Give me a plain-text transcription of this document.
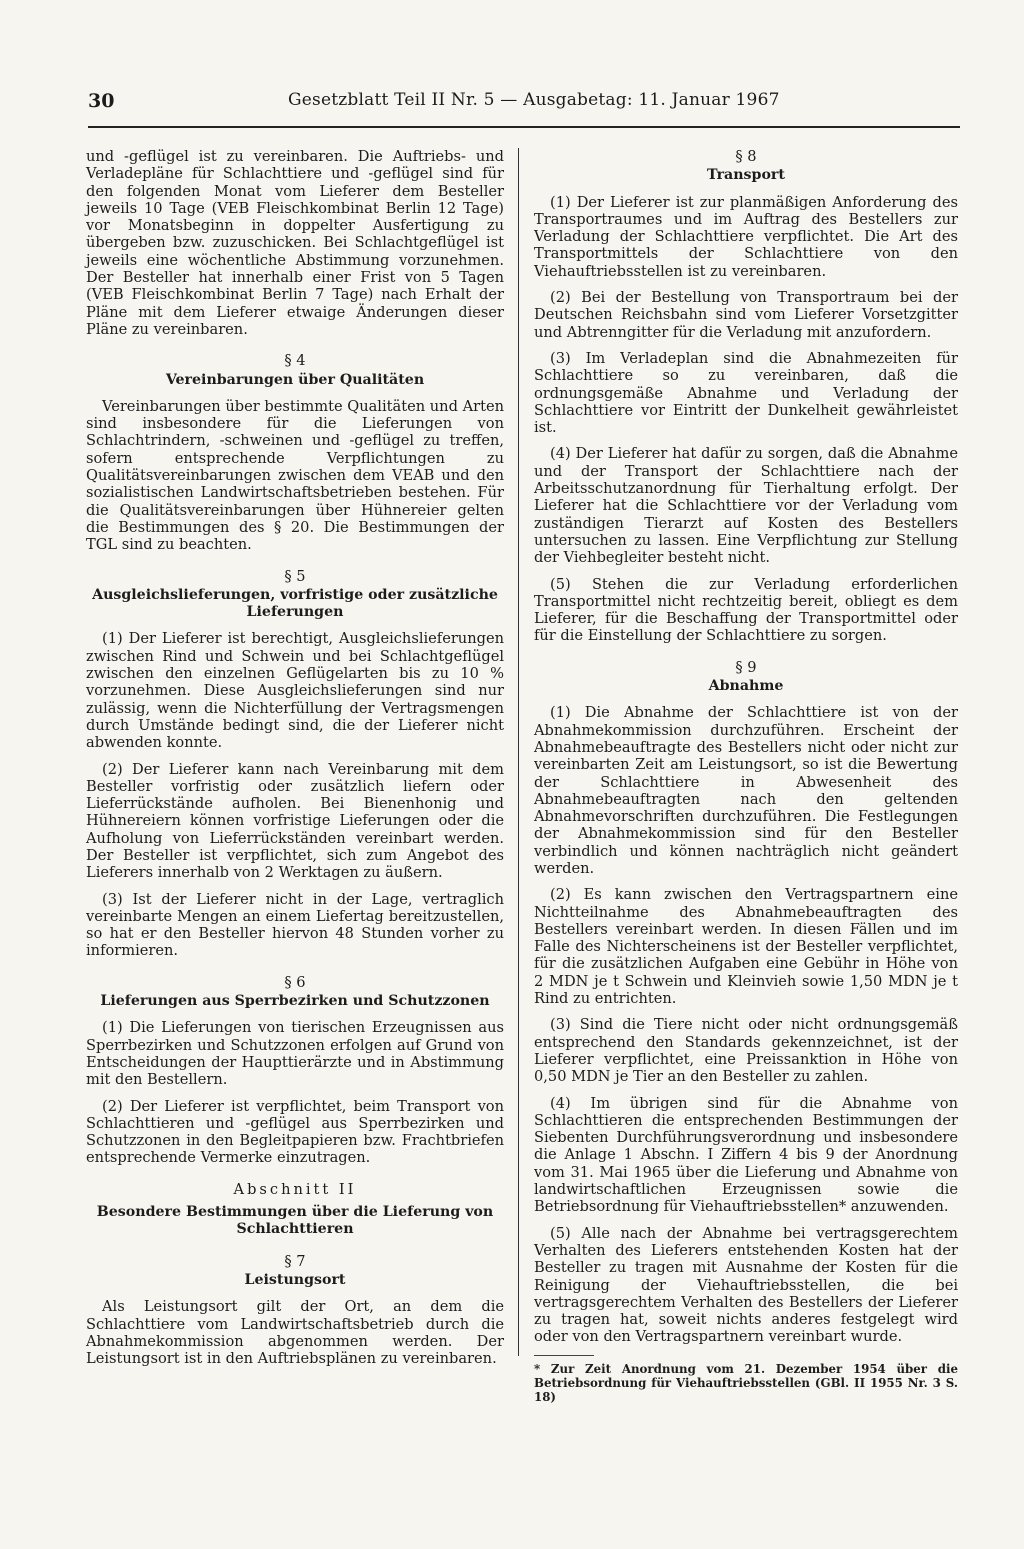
30	Gesetzblatt Teil II Nr. 5 — Ausgabetag: 11. Januar 1967

und -geflügel ist zu vereinbaren. Die Auftriebs- und Verladepläne für Schlachttiere und -geflügel sind für den folgenden Monat vom Lieferer dem Besteller jeweils 10 Tage (VEB Fleischkombinat Berlin 12 Tage) vor Monatsbeginn in doppelter Ausfertigung zu übergeben bzw. zuzuschicken. Bei Schlachtgeflügel ist jeweils eine wöchentliche Abstimmung vorzunehmen. Der Besteller hat innerhalb einer Frist von 5 Tagen (VEB Fleischkombinat Berlin 7 Tage) nach Erhalt der Pläne mit dem Lieferer etwaige Änderungen dieser Pläne zu vereinbaren.

§ 4
Vereinbarungen über Qualitäten

Vereinbarungen über bestimmte Qualitäten und Arten sind insbesondere für die Lieferungen von Schlachtrindern, -schweinen und -geflügel zu treffen, sofern entsprechende Verpflichtungen zu Qualitätsvereinbarungen zwischen dem VEAB und den sozialistischen Landwirtschaftsbetrieben bestehen. Für die Qualitätsvereinbarungen über Hühnereier gelten die Bestimmungen des § 20. Die Bestimmungen der TGL sind zu beachten.

§ 5
Ausgleichslieferungen, vorfristige oder zusätzliche Lieferungen

(1) Der Lieferer ist berechtigt, Ausgleichslieferungen zwischen Rind und Schwein und bei Schlachtgeflügel zwischen den einzelnen Geflügelarten bis zu 10 % vorzunehmen. Diese Ausgleichslieferungen sind nur zulässig, wenn die Nichterfüllung der Vertragsmengen durch Umstände bedingt sind, die der Lieferer nicht abwenden konnte.

(2) Der Lieferer kann nach Vereinbarung mit dem Besteller vorfristig oder zusätzlich liefern oder Lieferrückstände aufholen. Bei Bienenhonig und Hühnereiern können vorfristige Lieferungen oder die Aufholung von Lieferrückständen vereinbart werden. Der Besteller ist verpflichtet, sich zum Angebot des Lieferers innerhalb von 2 Werktagen zu äußern.

(3) Ist der Lieferer nicht in der Lage, vertraglich vereinbarte Mengen an einem Liefertag bereitzustellen, so hat er den Besteller hiervon 48 Stunden vorher zu informieren.

§ 6
Lieferungen aus Sperrbezirken und Schutzzonen

(1) Die Lieferungen von tierischen Erzeugnissen aus Sperrbezirken und Schutzzonen erfolgen auf Grund von Entscheidungen der Haupttierärzte und in Abstimmung mit den Bestellern.

(2) Der Lieferer ist verpflichtet, beim Transport von Schlachttieren und -geflügel aus Sperrbezirken und Schutzzonen in den Begleitpapieren bzw. Frachtbriefen entsprechende Vermerke einzutragen.

Abschnitt II
Besondere Bestimmungen über die Lieferung von Schlachttieren
§ 7
Leistungsort

Als Leistungsort gilt der Ort, an dem die Schlachttiere vom Landwirtschaftsbetrieb durch die Abnahmekommission abgenommen werden. Der Leistungsort ist in den Auftriebsplänen zu vereinbaren.

§ 8
Transport

(1) Der Lieferer ist zur planmäßigen Anforderung des Transportraumes und im Auftrag des Bestellers zur Verladung der Schlachttiere verpflichtet. Die Art des Transportmittels der Schlachttiere von den Viehauftriebsstellen ist zu vereinbaren.

(2) Bei der Bestellung von Transportraum bei der Deutschen Reichsbahn sind vom Lieferer Vorsetzgitter und Abtrenngitter für die Verladung mit anzufordern.

(3) Im Verladeplan sind die Abnahmezeiten für Schlachttiere so zu vereinbaren, daß die ordnungsgemäße Abnahme und Verladung der Schlachttiere vor Eintritt der Dunkelheit gewährleistet ist.

(4) Der Lieferer hat dafür zu sorgen, daß die Abnahme und der Transport der Schlachttiere nach der Arbeitsschutzanordnung für Tierhaltung erfolgt. Der Lieferer hat die Schlachttiere vor der Verladung vom zuständigen Tierarzt auf Kosten des Bestellers untersuchen zu lassen. Eine Verpflichtung zur Stellung der Viehbegleiter besteht nicht.

(5) Stehen die zur Verladung erforderlichen Transportmittel nicht rechtzeitig bereit, obliegt es dem Lieferer, für die Beschaffung der Transportmittel oder für die Einstellung der Schlachttiere zu sorgen.

§ 9
Abnahme

(1) Die Abnahme der Schlachttiere ist von der Abnahmekommission durchzuführen. Erscheint der Abnahmebeauftragte des Bestellers nicht oder nicht zur vereinbarten Zeit am Leistungsort, so ist die Bewertung der Schlachttiere in Abwesenheit des Abnahmebeauftragten nach den geltenden Abnahmevorschriften durchzuführen. Die Festlegungen der Abnahmekommission sind für den Besteller verbindlich und können nachträglich nicht geändert werden.

(2) Es kann zwischen den Vertragspartnern eine Nichtteilnahme des Abnahmebeauftragten des Bestellers vereinbart werden. In diesen Fällen und im Falle des Nichterscheinens ist der Besteller verpflichtet, für die zusätzlichen Aufgaben eine Gebühr in Höhe von 2 MDN je t Schwein und Kleinvieh sowie 1,50 MDN je t Rind zu entrichten.

(3) Sind die Tiere nicht oder nicht ordnungsgemäß entsprechend den Standards gekennzeichnet, ist der Lieferer verpflichtet, eine Preissanktion in Höhe von 0,50 MDN je Tier an den Besteller zu zahlen.

(4) Im übrigen sind für die Abnahme von Schlachttieren die entsprechenden Bestimmungen der Siebenten Durchführungsverordnung und insbesondere die Anlage 1 Abschn. I Ziffern 4 bis 9 der Anordnung vom 31. Mai 1965 über die Lieferung und Abnahme von landwirtschaftlichen Erzeugnissen sowie die Betriebsordnung für Viehauftriebsstellen* anzuwenden.

(5) Alle nach der Abnahme bei vertragsgerechtem Verhalten des Lieferers entstehenden Kosten hat der Besteller zu tragen mit Ausnahme der Kosten für die Reinigung der Viehauftriebsstellen, die bei vertragsgerechtem Verhalten des Bestellers der Lieferer zu tragen hat, soweit nichts anderes festgelegt wird oder von den Vertragspartnern vereinbart wurde.

* Zur Zeit Anordnung vom 21. Dezember 1954 über die Betriebsordnung für Viehauftriebsstellen (GBl. II 1955 Nr. 3 S. 18)
